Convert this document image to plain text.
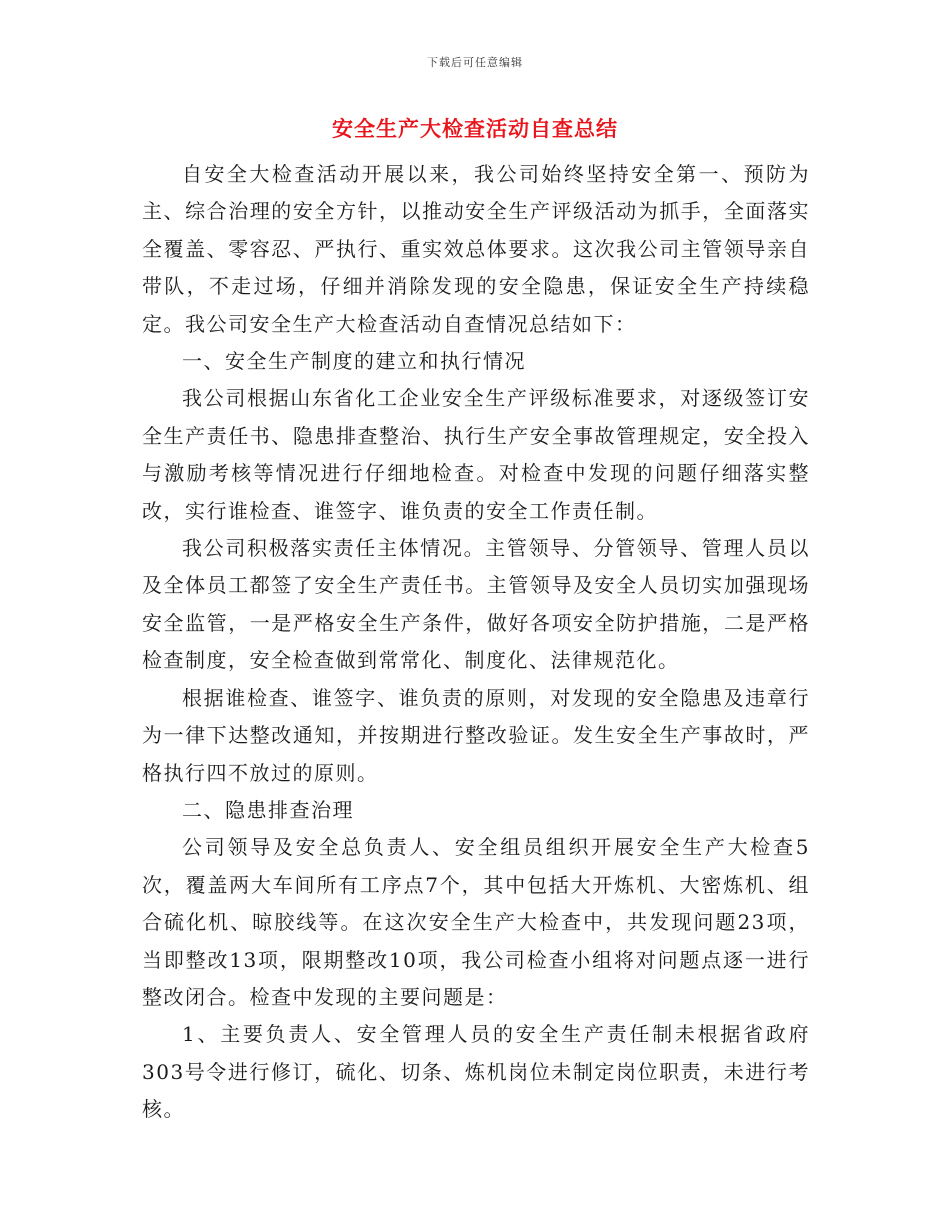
下载后可任意编辑
安全生产大检查活动自查总结

自安全大检查活动开展以来，我公司始终坚持安全第一、预防为主、综合治理的安全方针，以推动安全生产评级活动为抓手，全面落实全覆盖、零容忍、严执行、重实效总体要求。这次我公司主管领导亲自带队，不走过场，仔细并消除发现的安全隐患，保证安全生产持续稳定。我公司安全生产大检查活动自查情况总结如下：

一、安全生产制度的建立和执行情况

我公司根据山东省化工企业安全生产评级标准要求，对逐级签订安全生产责任书、隐患排查整治、执行生产安全事故管理规定，安全投入与激励考核等情况进行仔细地检查。对检查中发现的问题仔细落实整改，实行谁检查、谁签字、谁负责的安全工作责任制。

我公司积极落实责任主体情况。主管领导、分管领导、管理人员以及全体员工都签了安全生产责任书。主管领导及安全人员切实加强现场安全监管，一是严格安全生产条件，做好各项安全防护措施，二是严格检查制度，安全检查做到常常化、制度化、法律规范化。

根据谁检查、谁签字、谁负责的原则，对发现的安全隐患及违章行为一律下达整改通知，并按期进行整改验证。发生安全生产事故时，严格执行四不放过的原则。

二、隐患排查治理

公司领导及安全总负责人、安全组员组织开展安全生产大检查5次，覆盖两大车间所有工序点7个，其中包括大开炼机、大密炼机、组合硫化机、晾胶线等。在这次安全生产大检查中，共发现问题23项，当即整改13项，限期整改10项，我公司检查小组将对问题点逐一进行整改闭合。检查中发现的主要问题是：

1、主要负责人、安全管理人员的安全生产责任制未根据省政府303号令进行修订，硫化、切条、炼机岗位未制定岗位职责，未进行考核。
